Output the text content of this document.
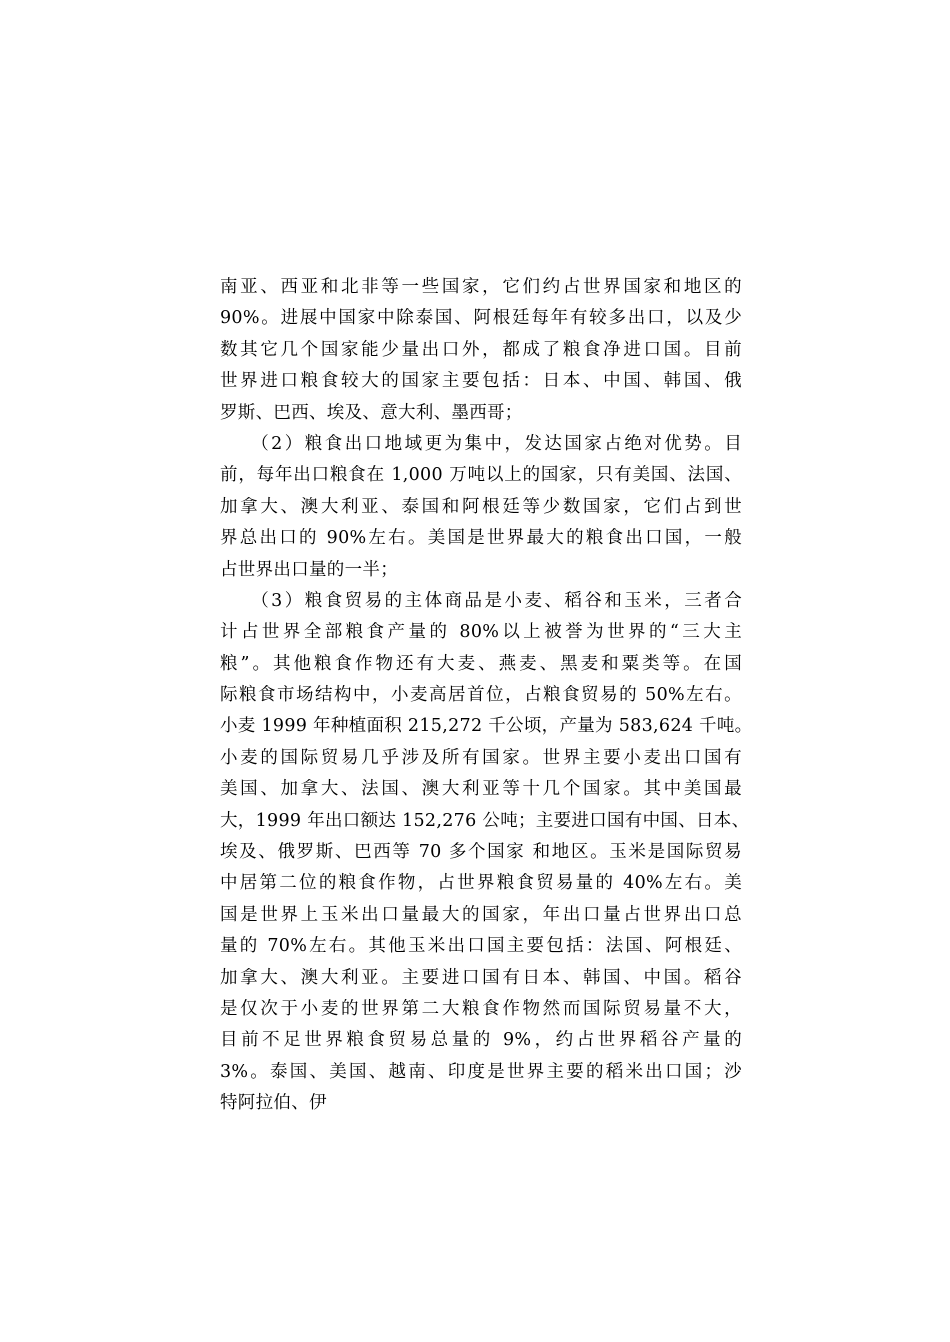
南亚、西亚和北非等一些国家，它们约占世界国家和地区的
90%。进展中国家中除泰国、阿根廷每年有较多出口，以及少
数其它几个国家能少量出口外，都成了粮食净进口国。目前
世界进口粮食较大的国家主要包括：日本、中国、韩国、俄
罗斯、巴西、埃及、意大利、墨西哥；
　　（2）粮食出口地域更为集中，发达国家占绝对优势。目
前，每年出口粮食在 1,000 万吨以上的国家，只有美国、法国、
加拿大、澳大利亚、泰国和阿根廷等少数国家，它们占到世
界总出口的 90%左右。美国是世界最大的粮食出口国，一般
占世界出口量的一半；
　　（3）粮食贸易的主体商品是小麦、稻谷和玉米，三者合
计占世界全部粮食产量的 80%以上被誉为世界的“三大主
粮”。其他粮食作物还有大麦、燕麦、黑麦和粟类等。在国
际粮食市场结构中，小麦高居首位，占粮食贸易的 50%左右。
小麦 1999 年种植面积 215,272 千公顷，产量为 583,624 千吨。
小麦的国际贸易几乎涉及所有国家。世界主要小麦出口国有
美国、加拿大、法国、澳大利亚等十几个国家。其中美国最
大，1999 年出口额达 152,276 公吨；主要进口国有中国、日本、
埃及、俄罗斯、巴西等 70 多个国家 和地区。玉米是国际贸易
中居第二位的粮食作物，占世界粮食贸易量的 40%左右。美
国是世界上玉米出口量最大的国家，年出口量占世界出口总
量的 70%左右。其他玉米出口国主要包括：法国、阿根廷、
加拿大、澳大利亚。主要进口国有日本、韩国、中国。稻谷
是仅次于小麦的世界第二大粮食作物然而国际贸易量不大，
目前不足世界粮食贸易总量的 9%，约占世界稻谷产量的
3%。泰国、美国、越南、印度是世界主要的稻米出口国；沙
特阿拉伯、伊
